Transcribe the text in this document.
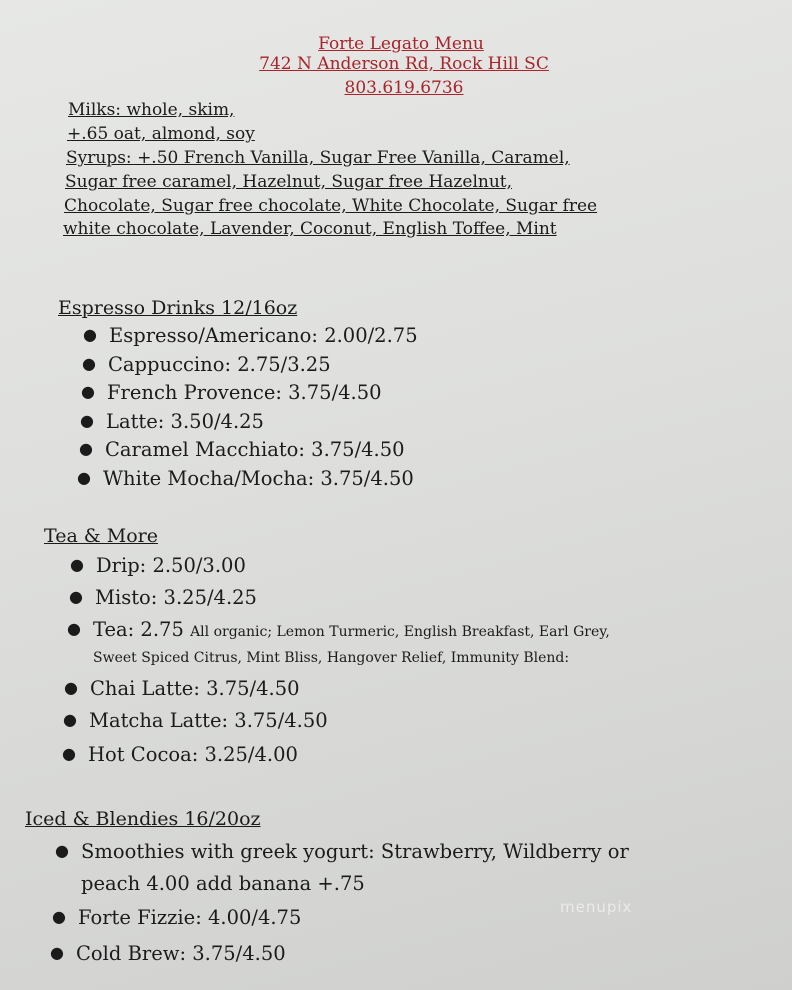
Forte Legato Menu
742 N Anderson Rd, Rock Hill SC
803.619.6736
Milks: whole, skim,
+.65 oat, almond, soy
Syrups: +.50 French Vanilla, Sugar Free Vanilla, Caramel,
Sugar free caramel, Hazelnut, Sugar free Hazelnut,
Chocolate, Sugar free chocolate, White Chocolate, Sugar free
white chocolate, Lavender, Coconut, English Toffee, Mint
Espresso Drinks 12/16oz
● Espresso/Americano: 2.00/2.75
● Cappuccino: 2.75/3.25
● French Provence: 3.75/4.50
● Latte: 3.50/4.25
● Caramel Macchiato: 3.75/4.50
● White Mocha/Mocha: 3.75/4.50
Tea & More
● Drip: 2.50/3.00
● Misto: 3.25/4.25
● Tea: 2.75 All organic; Lemon Turmeric, English Breakfast, Earl Grey,
Sweet Spiced Citrus, Mint Bliss, Hangover Relief, Immunity Blend:
● Chai Latte: 3.75/4.50
● Matcha Latte: 3.75/4.50
● Hot Cocoa: 3.25/4.00
Iced & Blendies 16/20oz
● Smoothies with greek yogurt: Strawberry, Wildberry or
peach 4.00 add banana +.75
● Forte Fizzie: 4.00/4.75
● Cold Brew: 3.75/4.50
menupix
